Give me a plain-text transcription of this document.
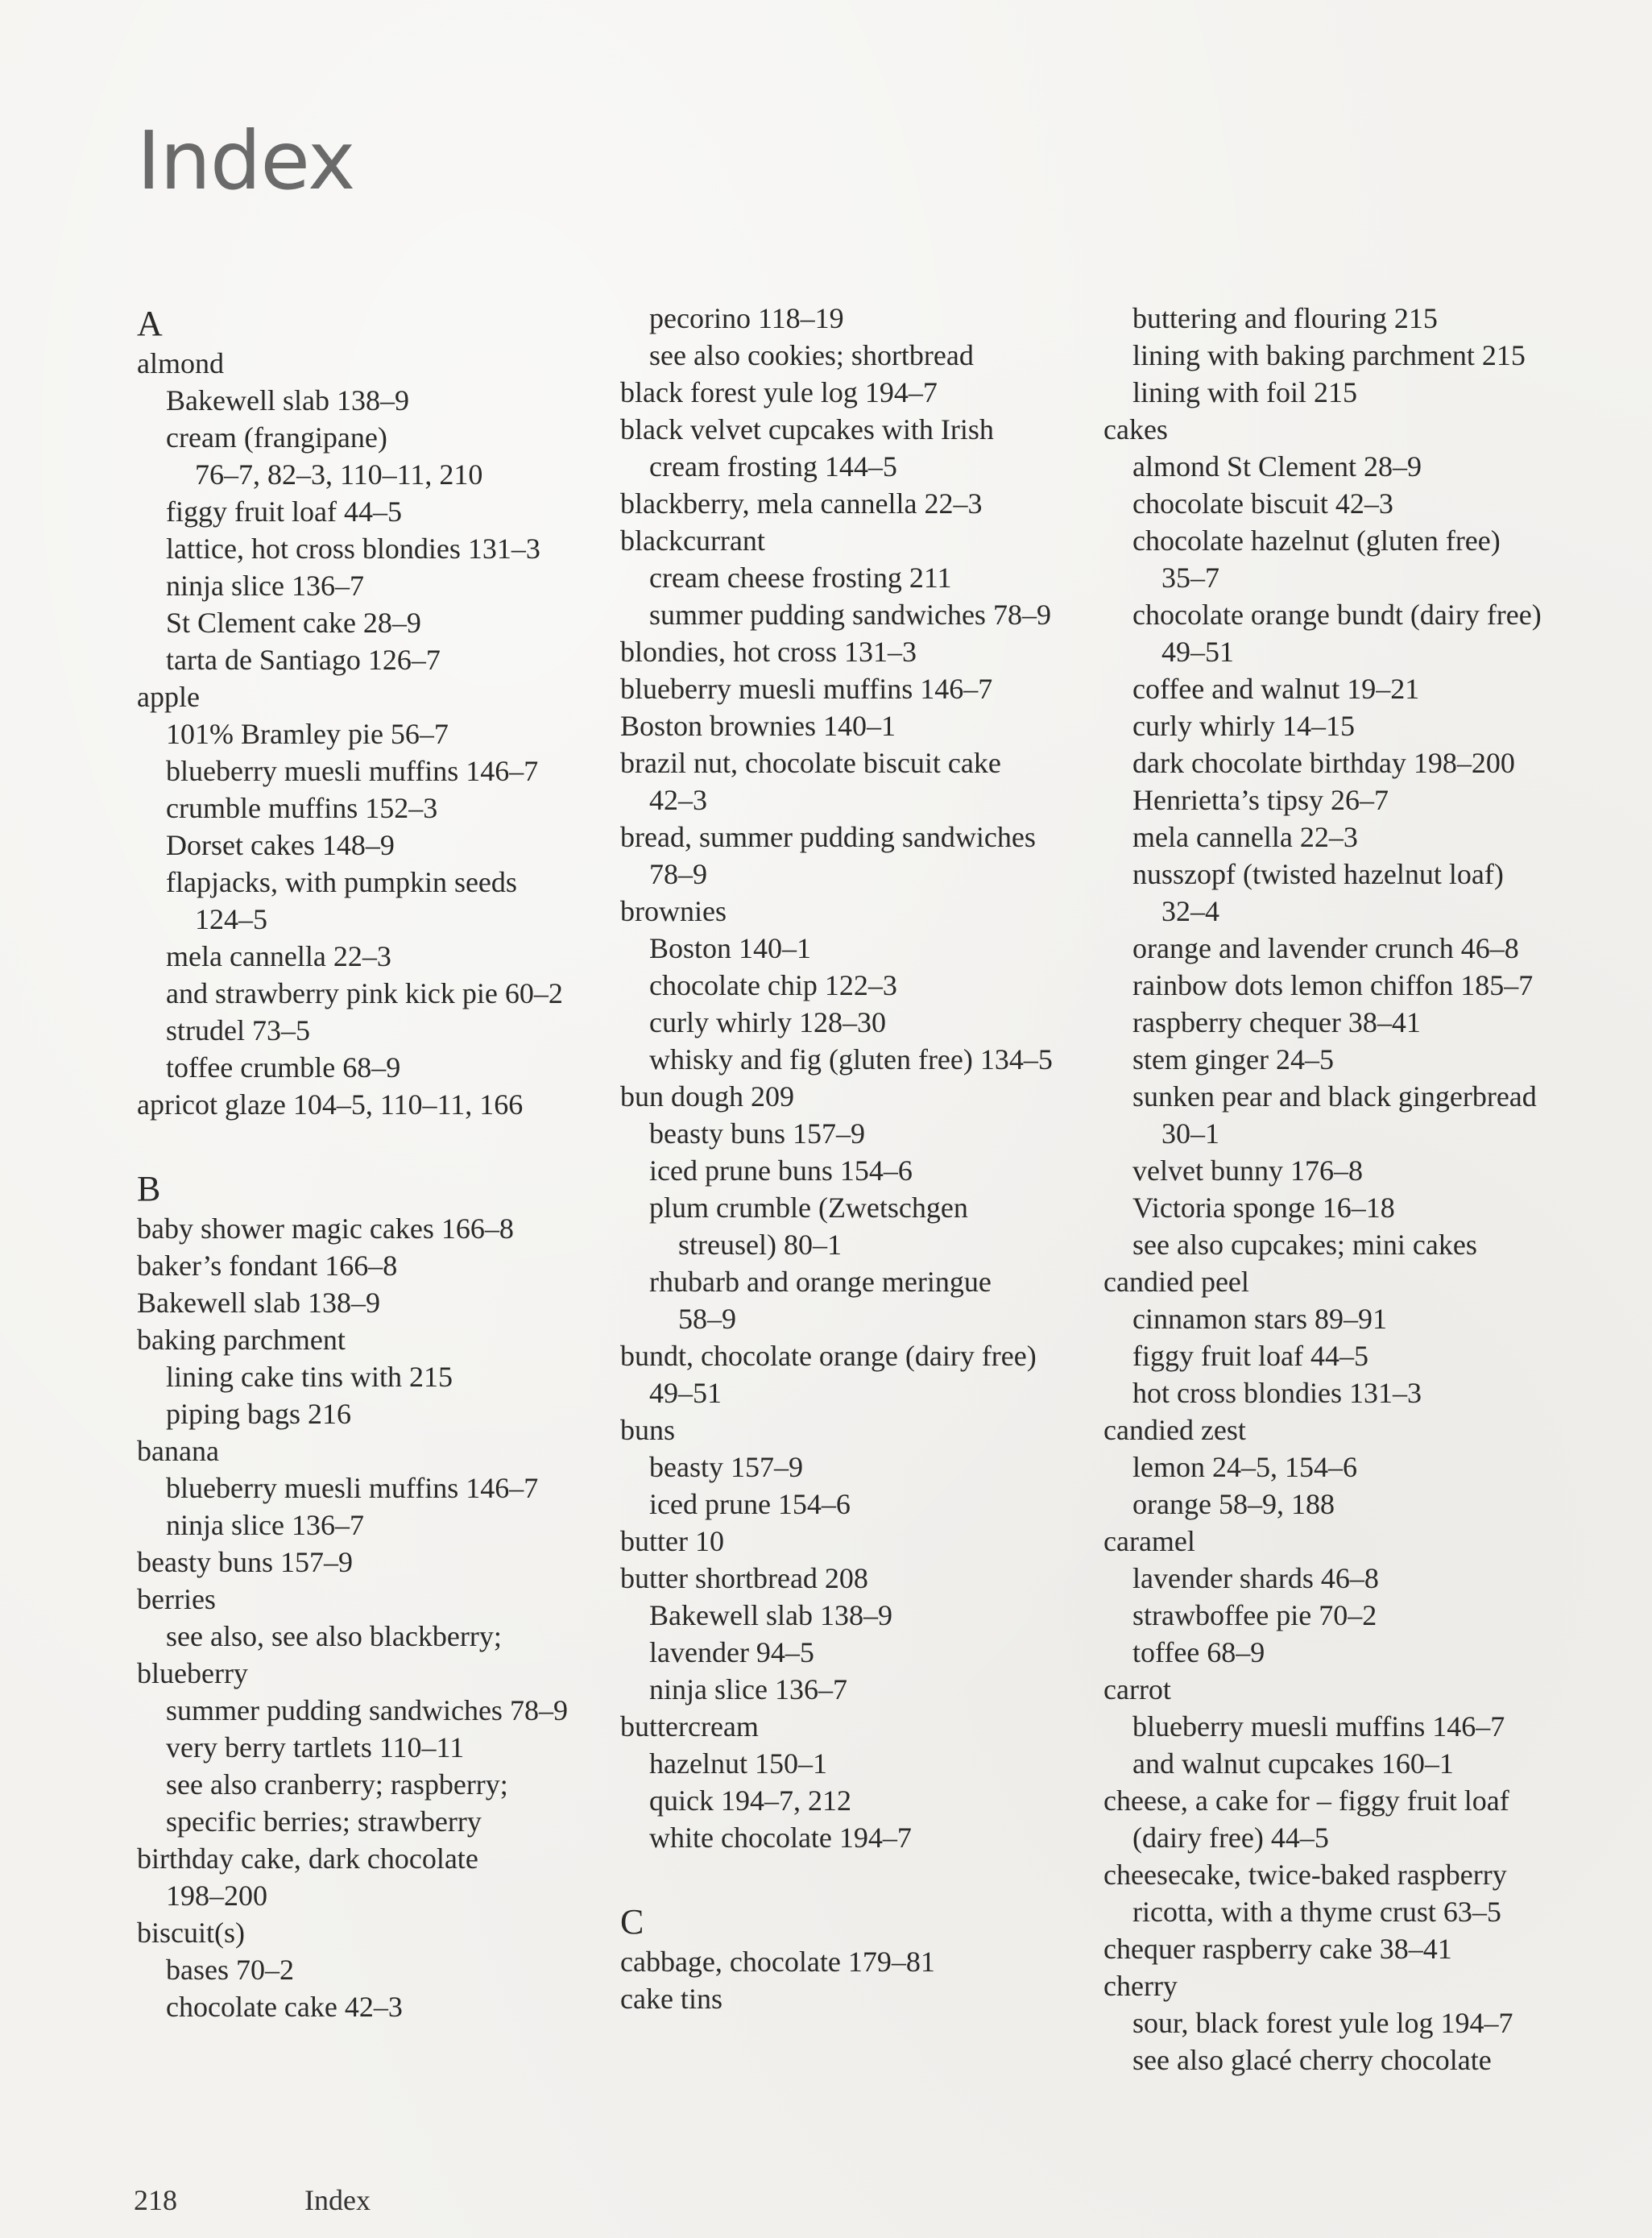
Index
A
almond
Bakewell slab 138–9
cream (frangipane)
76–7, 82–3, 110–11, 210
figgy fruit loaf 44–5
lattice, hot cross blondies 131–3
ninja slice 136–7
St Clement cake 28–9
tarta de Santiago 126–7
apple
101% Bramley pie 56–7
blueberry muesli muffins 146–7
crumble muffins 152–3
Dorset cakes 148–9
flapjacks, with pumpkin seeds
124–5
mela cannella 22–3
and strawberry pink kick pie 60–2
strudel 73–5
toffee crumble 68–9
apricot glaze 104–5, 110–11, 166
B
baby shower magic cakes 166–8
baker’s fondant 166–8
Bakewell slab 138–9
baking parchment
lining cake tins with 215
piping bags 216
banana
blueberry muesli muffins 146–7
ninja slice 136–7
beasty buns 157–9
berries
see also, see also blackberry;
blueberry
summer pudding sandwiches 78–9
very berry tartlets 110–11
see also cranberry; raspberry;
specific berries; strawberry
birthday cake, dark chocolate
198–200
biscuit(s)
bases 70–2
chocolate cake 42–3
pecorino 118–19
see also cookies; shortbread
black forest yule log 194–7
black velvet cupcakes with Irish
cream frosting 144–5
blackberry, mela cannella 22–3
blackcurrant
cream cheese frosting 211
summer pudding sandwiches 78–9
blondies, hot cross 131–3
blueberry muesli muffins 146–7
Boston brownies 140–1
brazil nut, chocolate biscuit cake
42–3
bread, summer pudding sandwiches
78–9
brownies
Boston 140–1
chocolate chip 122–3
curly whirly 128–30
whisky and fig (gluten free) 134–5
bun dough 209
beasty buns 157–9
iced prune buns 154–6
plum crumble (Zwetschgen
streusel) 80–1
rhubarb and orange meringue
58–9
bundt, chocolate orange (dairy free)
49–51
buns
beasty 157–9
iced prune 154–6
butter 10
butter shortbread 208
Bakewell slab 138–9
lavender 94–5
ninja slice 136–7
buttercream
hazelnut 150–1
quick 194–7, 212
white chocolate 194–7
C
cabbage, chocolate 179–81
cake tins
buttering and flouring 215
lining with baking parchment 215
lining with foil 215
cakes
almond St Clement 28–9
chocolate biscuit 42–3
chocolate hazelnut (gluten free)
35–7
chocolate orange bundt (dairy free)
49–51
coffee and walnut 19–21
curly whirly 14–15
dark chocolate birthday 198–200
Henrietta’s tipsy 26–7
mela cannella 22–3
nusszopf (twisted hazelnut loaf)
32–4
orange and lavender crunch 46–8
rainbow dots lemon chiffon 185–7
raspberry chequer 38–41
stem ginger 24–5
sunken pear and black gingerbread
30–1
velvet bunny 176–8
Victoria sponge 16–18
see also cupcakes; mini cakes
candied peel
cinnamon stars 89–91
figgy fruit loaf 44–5
hot cross blondies 131–3
candied zest
lemon 24–5, 154–6
orange 58–9, 188
caramel
lavender shards 46–8
strawboffee pie 70–2
toffee 68–9
carrot
blueberry muesli muffins 146–7
and walnut cupcakes 160–1
cheese, a cake for – figgy fruit loaf
(dairy free) 44–5
cheesecake, twice-baked raspberry
ricotta, with a thyme crust 63–5
chequer raspberry cake 38–41
cherry
sour, black forest yule log 194–7
see also glacé cherry chocolate
218	Index
